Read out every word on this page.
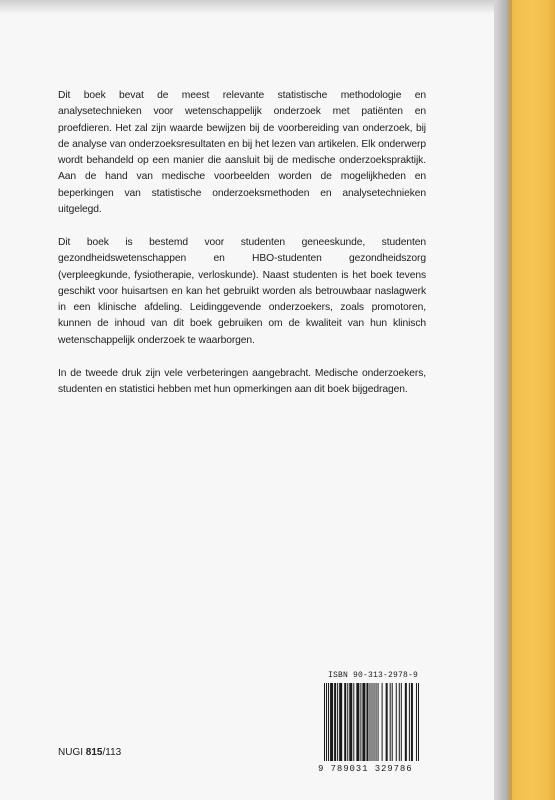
Dit boek bevat de meest relevante statistische methodologie en analysetechnieken voor wetenschappelijk onderzoek met patiënten en proefdieren. Het zal zijn waarde bewijzen bij de voorbereiding van onderzoek, bij de analyse van onderzoeksresultaten en bij het lezen van artikelen. Elk onderwerp wordt behandeld op een manier die aansluit bij de medische onderzoekspraktijk. Aan de hand van medische voorbeelden worden de mogelijkheden en beperkingen van statistische onderzoeksmethoden en analysetechnieken uitgelegd.

Dit boek is bestemd voor studenten geneeskunde, studenten gezondheidswetenschappen en HBO-studenten gezondheidszorg (verpleegkunde, fysiotherapie, verloskunde). Naast studenten is het boek tevens geschikt voor huisartsen en kan het gebruikt worden als betrouwbaar naslagwerk in een klinische afdeling. Leidinggevende onderzoekers, zoals promotoren, kunnen de inhoud van dit boek gebruiken om de kwaliteit van hun klinisch wetenschappelijk onderzoek te waarborgen.

In de tweede druk zijn vele verbeteringen aangebracht. Medische onderzoekers, studenten en statistici hebben met hun opmerkingen aan dit boek bijgedragen.

NUGI 815/113
ISBN 90-313-2978-9
9 789031 329786
